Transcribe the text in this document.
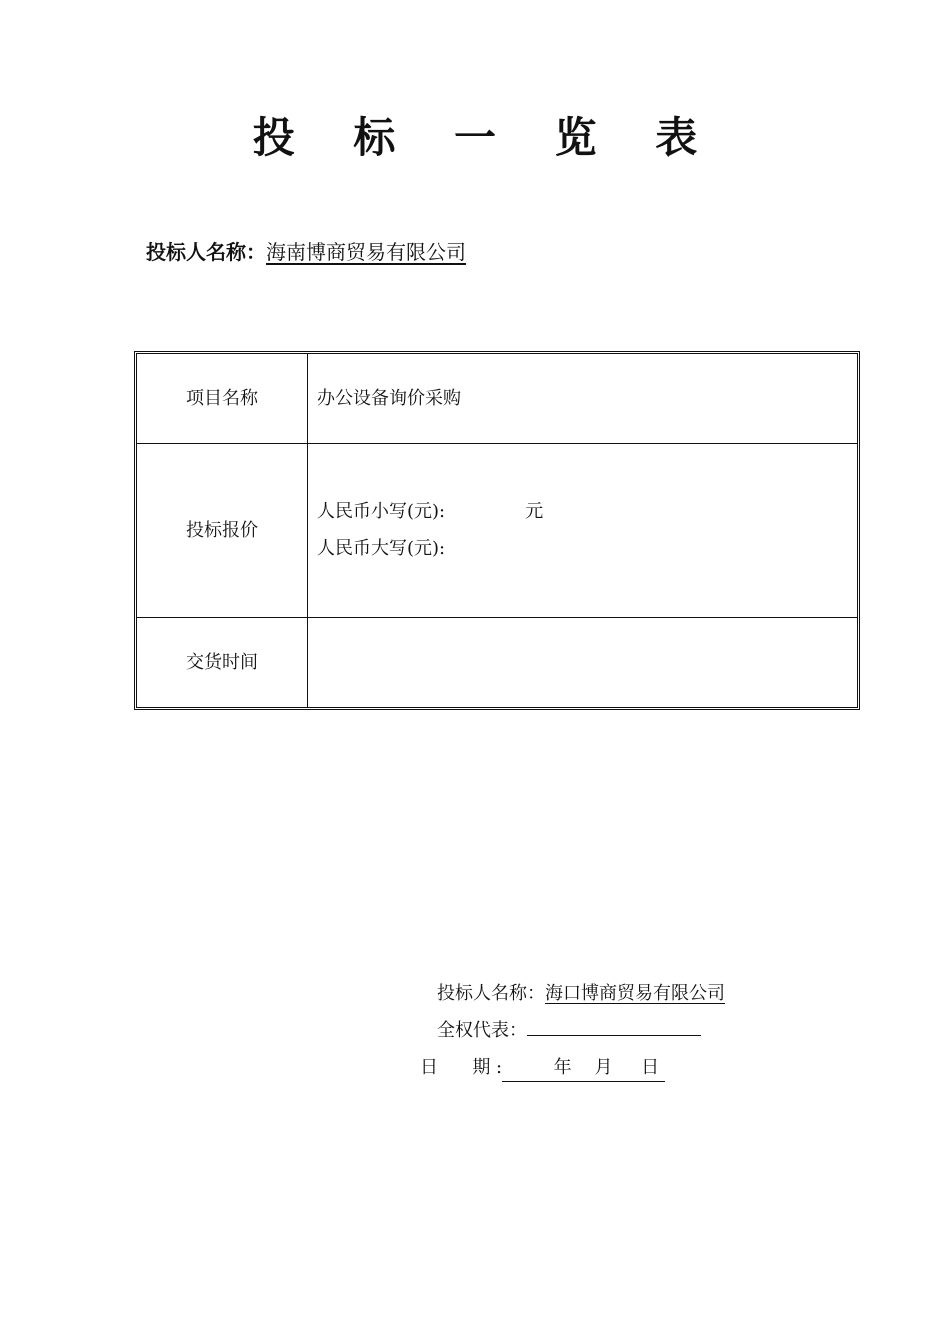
投 标 一 览 表
投标人名称：海南博商贸易有限公司
项目名称	办公设备询价采购
投标报价	人民币小写(元):              元
人民币大写(元):

交货时间	
投标人名称：海口博商贸易有限公司
全权代表：
日      期 :         年    月     日
